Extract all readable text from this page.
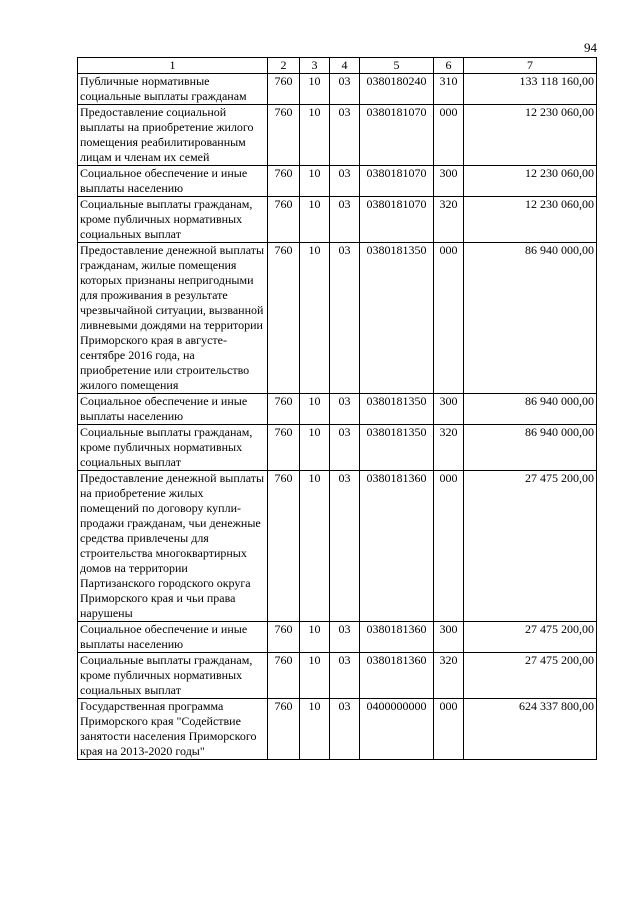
94
1	2	3	4	5	6	7
Публичные нормативные социальные выплаты гражданам	760	10	03	0380180240	310	133 118 160,00
Предоставление социальной выплаты на приобретение жилого помещения реабилитированным лицам и членам их семей	760	10	03	0380181070	000	12 230 060,00
Социальное обеспечение и иные выплаты населению	760	10	03	0380181070	300	12 230 060,00
Социальные выплаты гражданам, кроме публичных нормативных социальных выплат	760	10	03	0380181070	320	12 230 060,00
Предоставление денежной выплаты гражданам, жилые помещения которых признаны непригодными для проживания в результате чрезвычайной ситуации, вызванной ливневыми дождями на территории Приморского края в августе-сентябре 2016 года, на приобретение или строительство жилого помещения	760	10	03	0380181350	000	86 940 000,00
Социальное обеспечение и иные выплаты населению	760	10	03	0380181350	300	86 940 000,00
Социальные выплаты гражданам, кроме публичных нормативных социальных выплат	760	10	03	0380181350	320	86 940 000,00
Предоставление денежной выплаты на приобретение жилых помещений по договору купли-продажи гражданам, чьи денежные средства привлечены для строительства многоквартирных домов на территории Партизанского городского округа Приморского края и чьи права нарушены	760	10	03	0380181360	000	27 475 200,00
Социальное обеспечение и иные выплаты населению	760	10	03	0380181360	300	27 475 200,00
Социальные выплаты гражданам, кроме публичных нормативных социальных выплат	760	10	03	0380181360	320	27 475 200,00
Государственная программа Приморского края "Содействие занятости населения Приморского края на 2013-2020 годы"	760	10	03	0400000000	000	624 337 800,00
